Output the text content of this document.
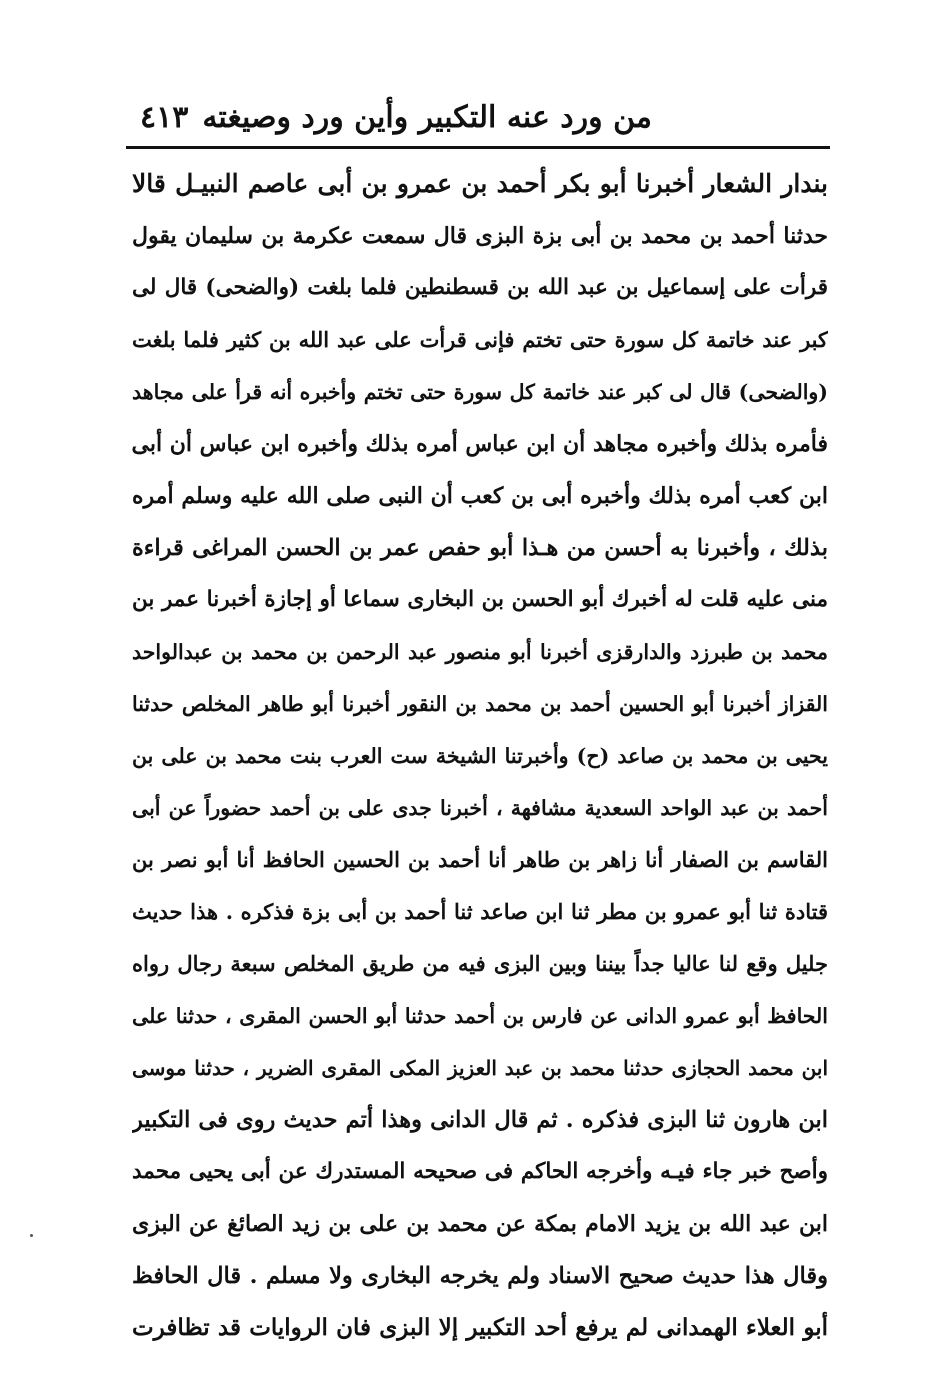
من ورد عنه التكبير وأين ورد وصيغته
٤١٣
بندار الشعار أخبرنا أبو بكر أحمد بن عمرو بن أبى عاصم النبيـل قالا
حدثنا أحمد بن محمد بن أبى بزة البزى قال سمعت عكرمة بن سليمان يقول
قرأت على إسماعيل بن عبد الله بن قسطنطين فلما بلغت (والضحى) قال لى
كبر عند خاتمة كل سورة حتى تختم فإنى قرأت على عبد الله بن كثير فلما بلغت
(والضحى) قال لى كبر عند خاتمة كل سورة حتى تختم وأخبره أنه قرأ على مجاهد
فأمره بذلك وأخبره مجاهد أن ابن عباس أمره بذلك وأخبره ابن عباس أن أبى
ابن كعب أمره بذلك وأخبره أبى بن كعب أن النبى صلى الله عليه وسلم أمره
بذلك ، وأخبرنا به أحسن من هـذا أبو حفص عمر بن الحسن المراغى قراءة
منى عليه قلت له أخبرك أبو الحسن بن البخارى سماعا أو إجازة أخبرنا عمر بن
محمد بن طبرزد والدارقزى أخبرنا أبو منصور عبد الرحمن بن محمد بن عبدالواحد
القزاز أخبرنا أبو الحسين أحمد بن محمد بن النقور أخبرنا أبو طاهر المخلص حدثنا
يحيى بن محمد بن صاعد (ح) وأخبرتنا الشيخة ست العرب بنت محمد بن على بن
أحمد بن عبد الواحد السعدية مشافهة ، أخبرنا جدى على بن أحمد حضوراً عن أبى
القاسم بن الصفار أنا زاهر بن طاهر أنا أحمد بن الحسين الحافظ أنا أبو نصر بن
قتادة ثنا أبو عمرو بن مطر ثنا ابن صاعد ثنا أحمد بن أبى بزة فذكره . هذا حديث
جليل وقع لنا عاليا جداً بيننا وبين البزى فيه من طريق المخلص سبعة رجال رواه
الحافظ أبو عمرو الدانى عن فارس بن أحمد حدثنا أبو الحسن المقرى ، حدثنا على
ابن محمد الحجازى حدثنا محمد بن عبد العزيز المكى المقرى الضرير ، حدثنا موسى
ابن هارون ثنا البزى فذكره . ثم قال الدانى وهذا أتم حديث روى فى التكبير
وأصح خبر جاء فيـه وأخرجه الحاكم فى صحيحه المستدرك عن أبى يحيى محمد
ابن عبد الله بن يزيد الامام بمكة عن محمد بن على بن زيد الصائغ عن البزى
وقال هذا حديث صحيح الاسناد ولم يخرجه البخارى ولا مسلم . قال الحافظ
أبو العلاء الهمدانى لم يرفع أحد التكبير إلا البزى فان الروايات قد تظافرت
